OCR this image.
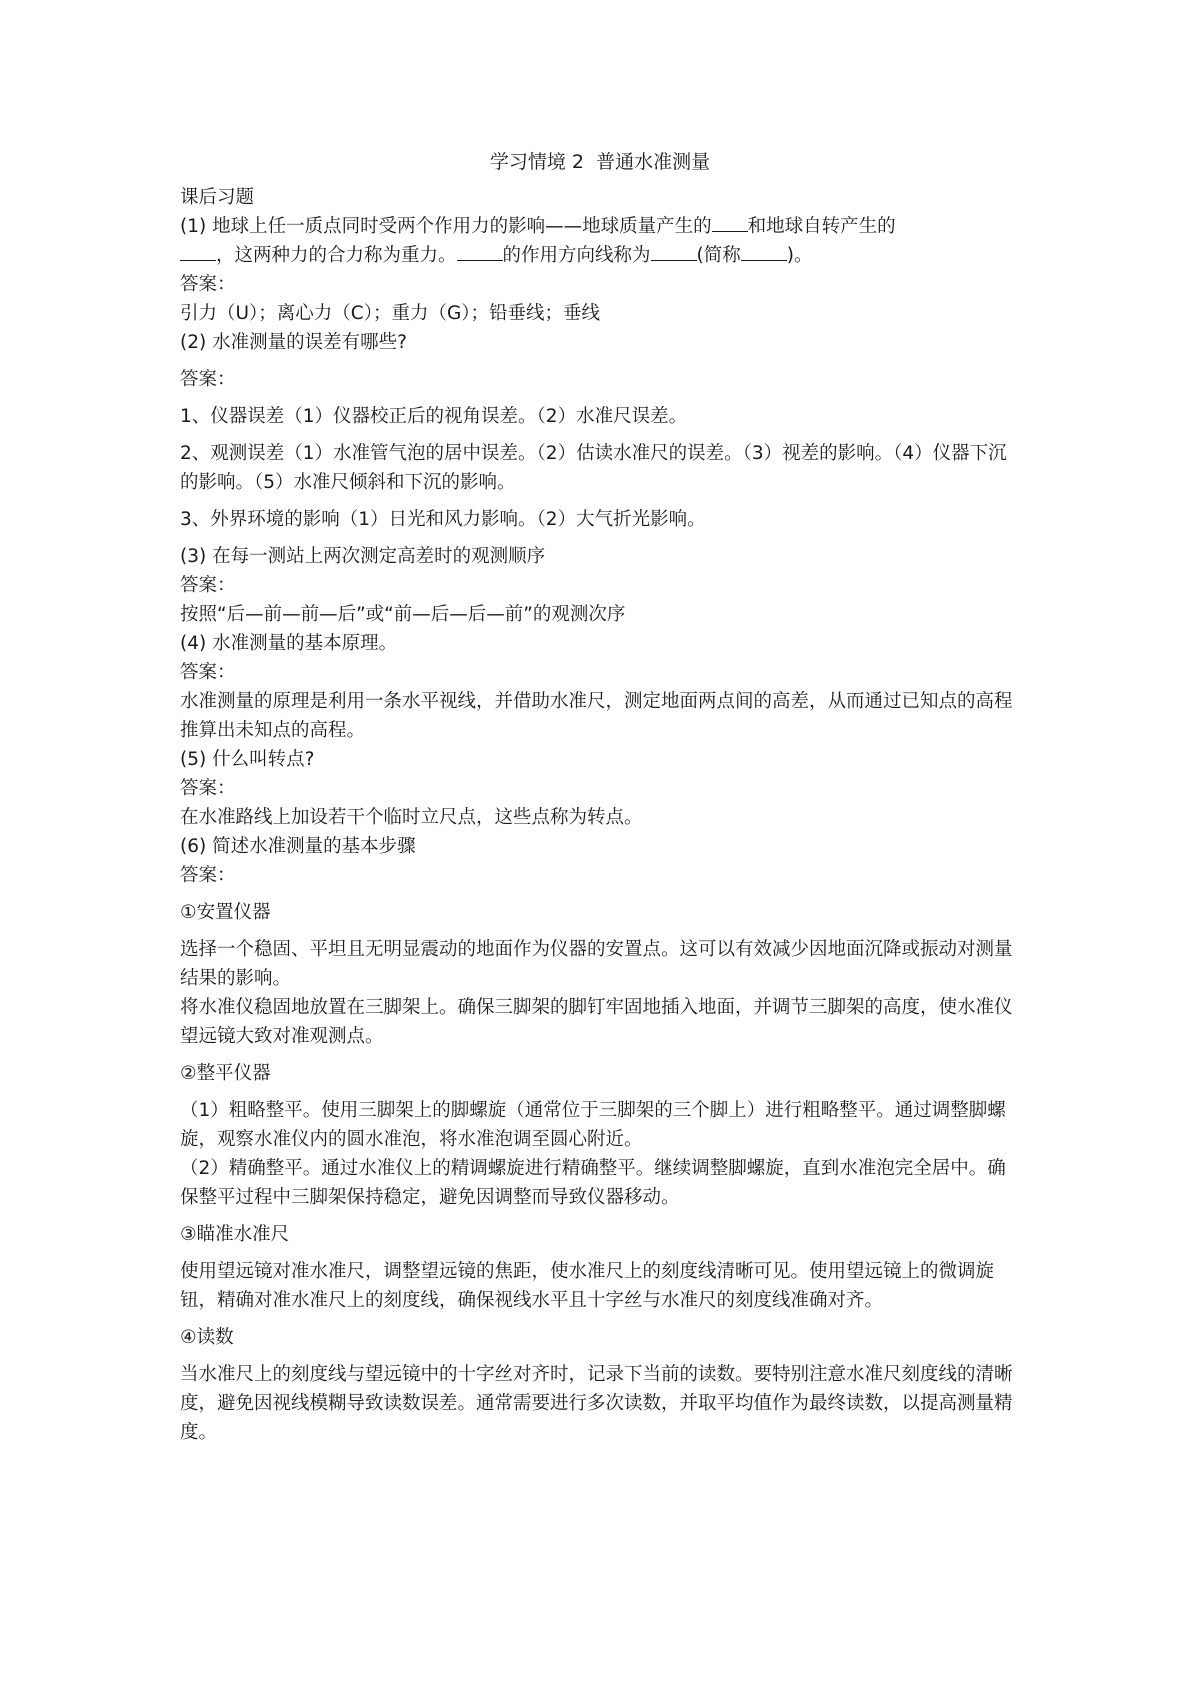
学习情境 2  普通水准测量

课后习题

(1) 地球上任一质点同时受两个作用力的影响——地球质量产生的 和地球自转产生的
，这两种力的合力称为重力。 的作用方向线称为 (简称 )。

答案：

引力（U）；离心力（C）；重力（G）；铅垂线；垂线

(2) 水准测量的误差有哪些?

答案：

1、仪器误差（1）仪器校正后的视角误差。（2）水准尺误差。

2、观测误差（1）水准管气泡的居中误差。（2）估读水准尺的误差。（3）视差的影响。（4）仪器下沉的影响。（5）水准尺倾斜和下沉的影响。

3、外界环境的影响（1）日光和风力影响。（2）大气折光影响。

(3) 在每一测站上两次测定高差时的观测顺序

答案：

按照“后—前—前—后”或“前—后—后—前”的观测次序

(4) 水准测量的基本原理。

答案：

水准测量的原理是利用一条水平视线，并借助水准尺，测定地面两点间的高差，从而通过已知点的高程推算出未知点的高程。

(5) 什么叫转点?

答案：

在水准路线上加设若干个临时立尺点，这些点称为转点。

(6) 简述水准测量的基本步骤

答案：

①安置仪器

选择一个稳固、平坦且无明显震动的地面作为仪器的安置点。这可以有效减少因地面沉降或振动对测量结果的影响。

将水准仪稳固地放置在三脚架上。确保三脚架的脚钉牢固地插入地面，并调节三脚架的高度，使水准仪望远镜大致对准观测点。

②整平仪器

（1）粗略整平。使用三脚架上的脚螺旋（通常位于三脚架的三个脚上）进行粗略整平。通过调整脚螺旋，观察水准仪内的圆水准泡，将水准泡调至圆心附近。

（2）精确整平。通过水准仪上的精调螺旋进行精确整平。继续调整脚螺旋，直到水准泡完全居中。确保整平过程中三脚架保持稳定，避免因调整而导致仪器移动。

③瞄准水准尺

使用望远镜对准水准尺，调整望远镜的焦距，使水准尺上的刻度线清晰可见。使用望远镜上的微调旋钮，精确对准水准尺上的刻度线，确保视线水平且十字丝与水准尺的刻度线准确对齐。

④读数

当水准尺上的刻度线与望远镜中的十字丝对齐时，记录下当前的读数。要特别注意水准尺刻度线的清晰度，避免因视线模糊导致读数误差。通常需要进行多次读数，并取平均值作为最终读数，以提高测量精度。
